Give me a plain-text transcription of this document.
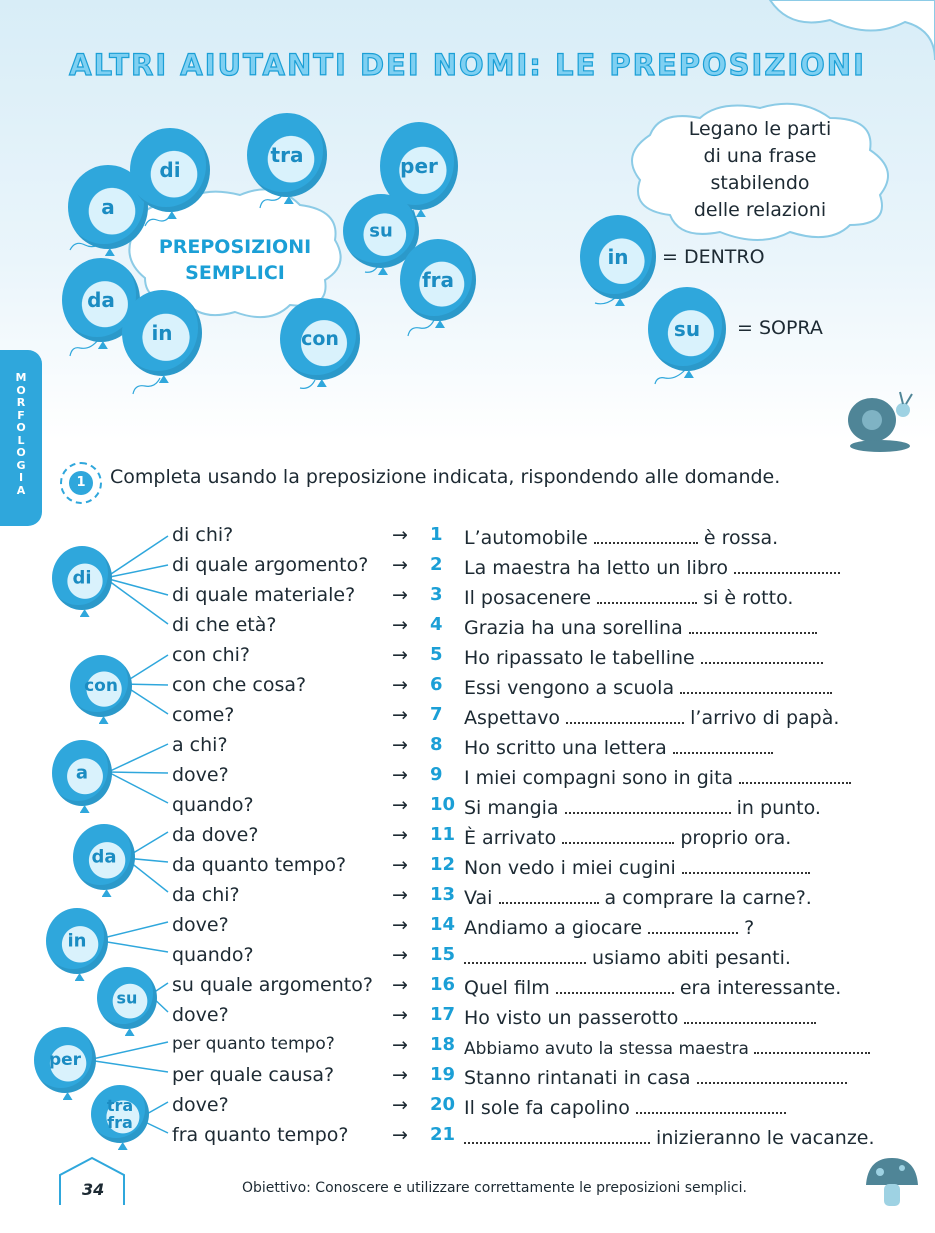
ALTRI AIUTANTI DEI NOMI: LE PREPOSIZIONI
a
di
tra	per
su
fra
da
in	con
PREPOSIZIONI
SEMPLICI
Legano le parti
di una frase
stabilendo
delle relazioni
in	= DENTRO
su	= SOPRA
MORFOLOGIA	1	Completa usando la preposizione indicata, rispondendo alle domande.
di
con
a
da
in
su
per
tra
fra
di chi?	→ 1 L’automobile	è rossa.
di quale argomento? → 2 La maestra ha letto un libro
di quale materiale? → 3 Il posacenere	si è rotto.
di che età?	→ 4 Grazia ha una sorellina
con chi?	→ 5 Ho ripassato le tabelline
con che cosa?	→ 6 Essi vengono a scuola
come?	→ 7 Aspettavo	l’arrivo di papà.
a chi?	→ 8 Ho scritto una lettera
dove?	→ 9 I miei compagni sono in gita
quando?	→ 10 Si mangia	in punto.
da dove?	→ 11 È arrivato	proprio ora.
da quanto tempo? → 12 Non vedo i miei cugini
da chi?	→ 13 Vai	a comprare la carne?.
dove?	→ 14 Andiamo a giocare	?
quando?	→ 15	usiamo abiti pesanti.
su quale argomento? → 16 Quel film	era interessante.
dove?	→ 17 Ho visto un passerotto
per quanto tempo?	→ 18 Abbiamo avuto la stessa maestra
per quale causa?	→ 19 Stanno rintanati in casa
dove?	→ 20 Il sole fa capolino
fra quanto tempo? → 21	inizieranno le vacanze.
34	Obiettivo: Conoscere e utilizzare correttamente le preposizioni semplici.
